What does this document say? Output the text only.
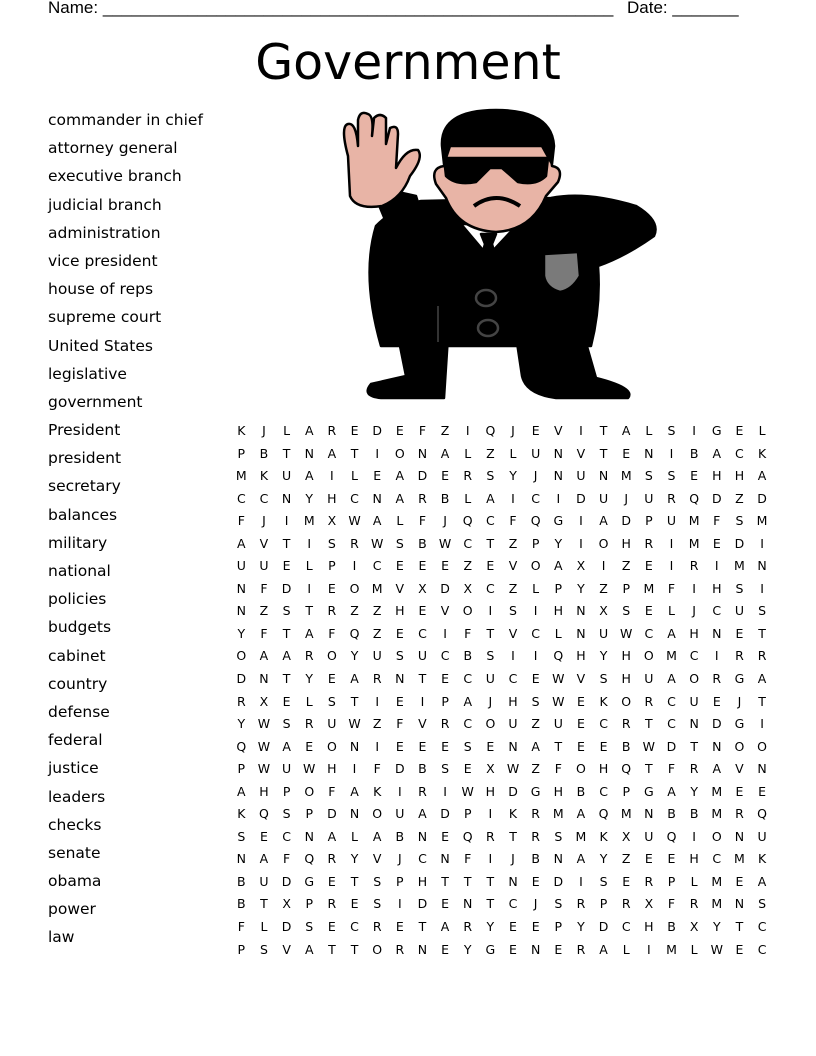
Name: ______________________________________________________ Date: _______
Government
commander in chief
attorney general
executive branch
judicial branch
administration
vice president
house of reps
supreme court
United States
legislative
government
President
president
secretary
balances
military
national
policies
budgets
cabinet
country
defense
federal
justice
leaders
checks
senate
obama
power
law
K	J	L	A	R	E	D	E	F	Z	I	Q	J	E	V	I	T	A	L	S	I	G	E	L
P	B	T	N	A	T	I	O	N	A	L	Z	L	U	N	V	T	E	N	I	B	A	C	K
M	K	U	A	I	L	E	A	D	E	R	S	Y	J	N	U	N	M	S	S	E	H	H	A
C	C	N	Y	H	C	N	A	R	B	L	A	I	C	I	D	U	J	U	R	Q	D	Z	D
F	J	I	M	X W A	L	F	J	Q	C	F	Q	G	I	A	D	P	U	M	F	S	M
A	V	T	I	S	R W S	B W C	T	Z	P	Y	I	O	H	R	I	M	E	D	I
U	U	E	L	P	I	C	E	E	E	Z	E	V	O	A	X	I	Z	E	I	R	I	M	N
N	F	D	I	E	O M	V	X	D	X	C	Z	L	P	Y	Z	P	M	F	I	H	S	I
N	Z	S	T	R	Z	Z	H	E	V	O	I	S	I	H	N	X	S	E	L	J	C	U	S
Y	F	T	A	F	Q	Z	E	C	I	F	T	V	C	L	N	U W C	A	H	N	E	T
O	A	A	R	O	Y	U	S	U	C	B	S	I	I	Q	H	Y	H	O M	C	I	R	R
D	N	T	Y	E	A	R	N	T	E	C	U	C	E	W V	S	H	U	A	O	R	G	A
R	X	E	L	S	T	I	E	I	P	A	J	H	S W	E	K	O	R	C	U	E	J	T
Y	W S	R	U W Z	F	V	R	C	O	U	Z	U	E	C	R	T	C	N	D	G	I
Q W A	E	O	N	I	E	E	E	S	E	N	A	T	E	E	B W D	T	N	O	O
P	W U W H	I	F	D	B	S	E	X W Z	F	O	H	Q	T	F	R	A	V	N
A	H	P	O	F	A	K	I	R	I	W H	D	G	H	B	C	P	G	A	Y	M	E	E
K	Q	S	P	D	N	O	U	A	D	P	I	K	R	M	A	Q M	N	B	B	M	R	Q
S	E	C	N	A	L	A	B	N	E	Q	R	T	R	S	M	K	X	U	Q	I	O	N	U
N	A	F	Q	R	Y	V	J	C	N	F	I	J	B	N	A	Y	Z	E	E	H	C	M	K
B	U	D	G	E	T	S	P	H	T	T	T	N	E	D	I	S	E	R	P	L	M	E	A
B	T	X	P	R	E	S	I	D	E	N	T	C	J	S	R	P	R	X	F	R	M	N	S
F	L	D	S	E	C	R	E	T	A	R	Y	E	E	P	Y	D	C	H	B	X	Y	T	C
P	S	V	A	T	T	O	R	N	E	Y	G	E	N	E	R	A	L	I	M	L	W	E	C
